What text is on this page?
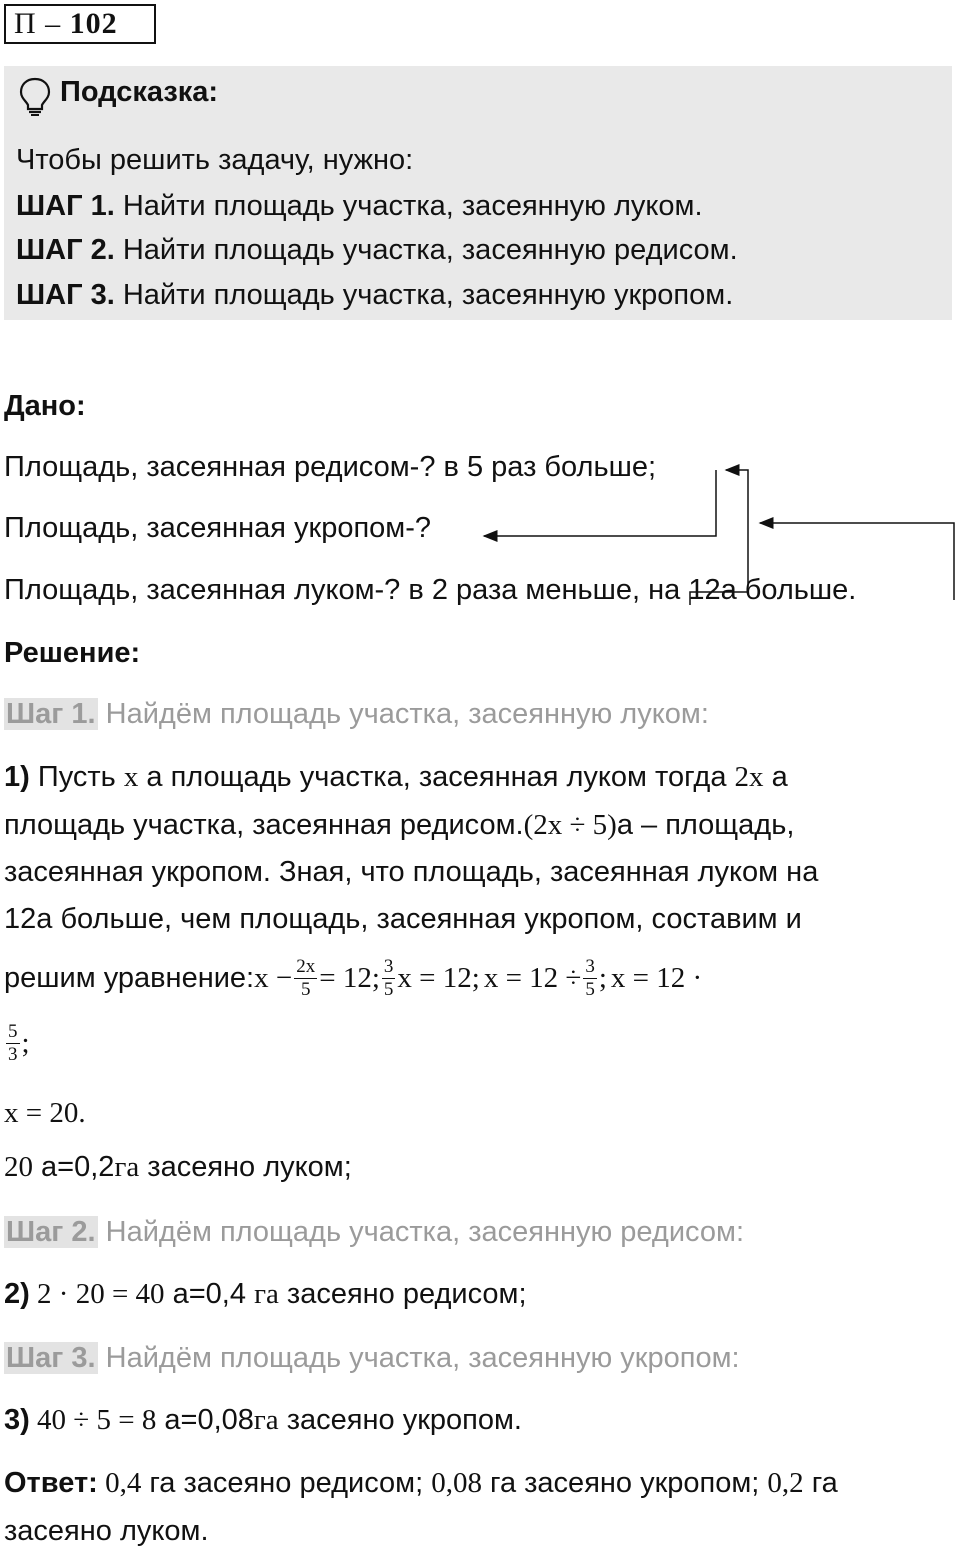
П – 102
Подсказка:
Чтобы решить задачу, нужно:
ШАГ 1. Найти площадь участка, засеянную луком.
ШАГ 2. Найти площадь участка, засеянную редисом.
ШАГ 3. Найти площадь участка, засеянную укропом.
Дано:
Площадь, засеянная редисом-? в 5 раз больше;
Площадь, засеянная укропом-?
Площадь, засеянная луком-? в 2 раза меньше, на 12а больше.
Решение:
Шаг 1. Найдём площадь участка, засеянную луком:
1) Пусть x а площадь участка, засеянная луком тогда 2x а
площадь участка, засеянная редисом.(2x ÷ 5)а – площадь,
засеянная укропом. Зная, что площадь, засеянная луком на
12а больше, чем площадь, засеянная укропом, составим и
решим уравнение: $x - \frac{2x}{5} = 12$; $\frac{3}{5}$ x = 12; $x = 12 \div \frac{3}{5}$ ; x = 12 ·
$\frac{5}{3}$ ;
x = 20.
20 а=0,2га засеяно луком;
Шаг 2. Найдём площадь участка, засеянную редисом:
2) 2 · 20 = 40 а=0,4 га засеяно редисом;
Шаг 3. Найдём площадь участка, засеянную укропом:
3) 40 ÷ 5 = 8 а=0,08га засеяно укропом.
Ответ: 0,4 га засеяно редисом; 0,08 га засеяно укропом; 0,2 га
засеяно луком.
